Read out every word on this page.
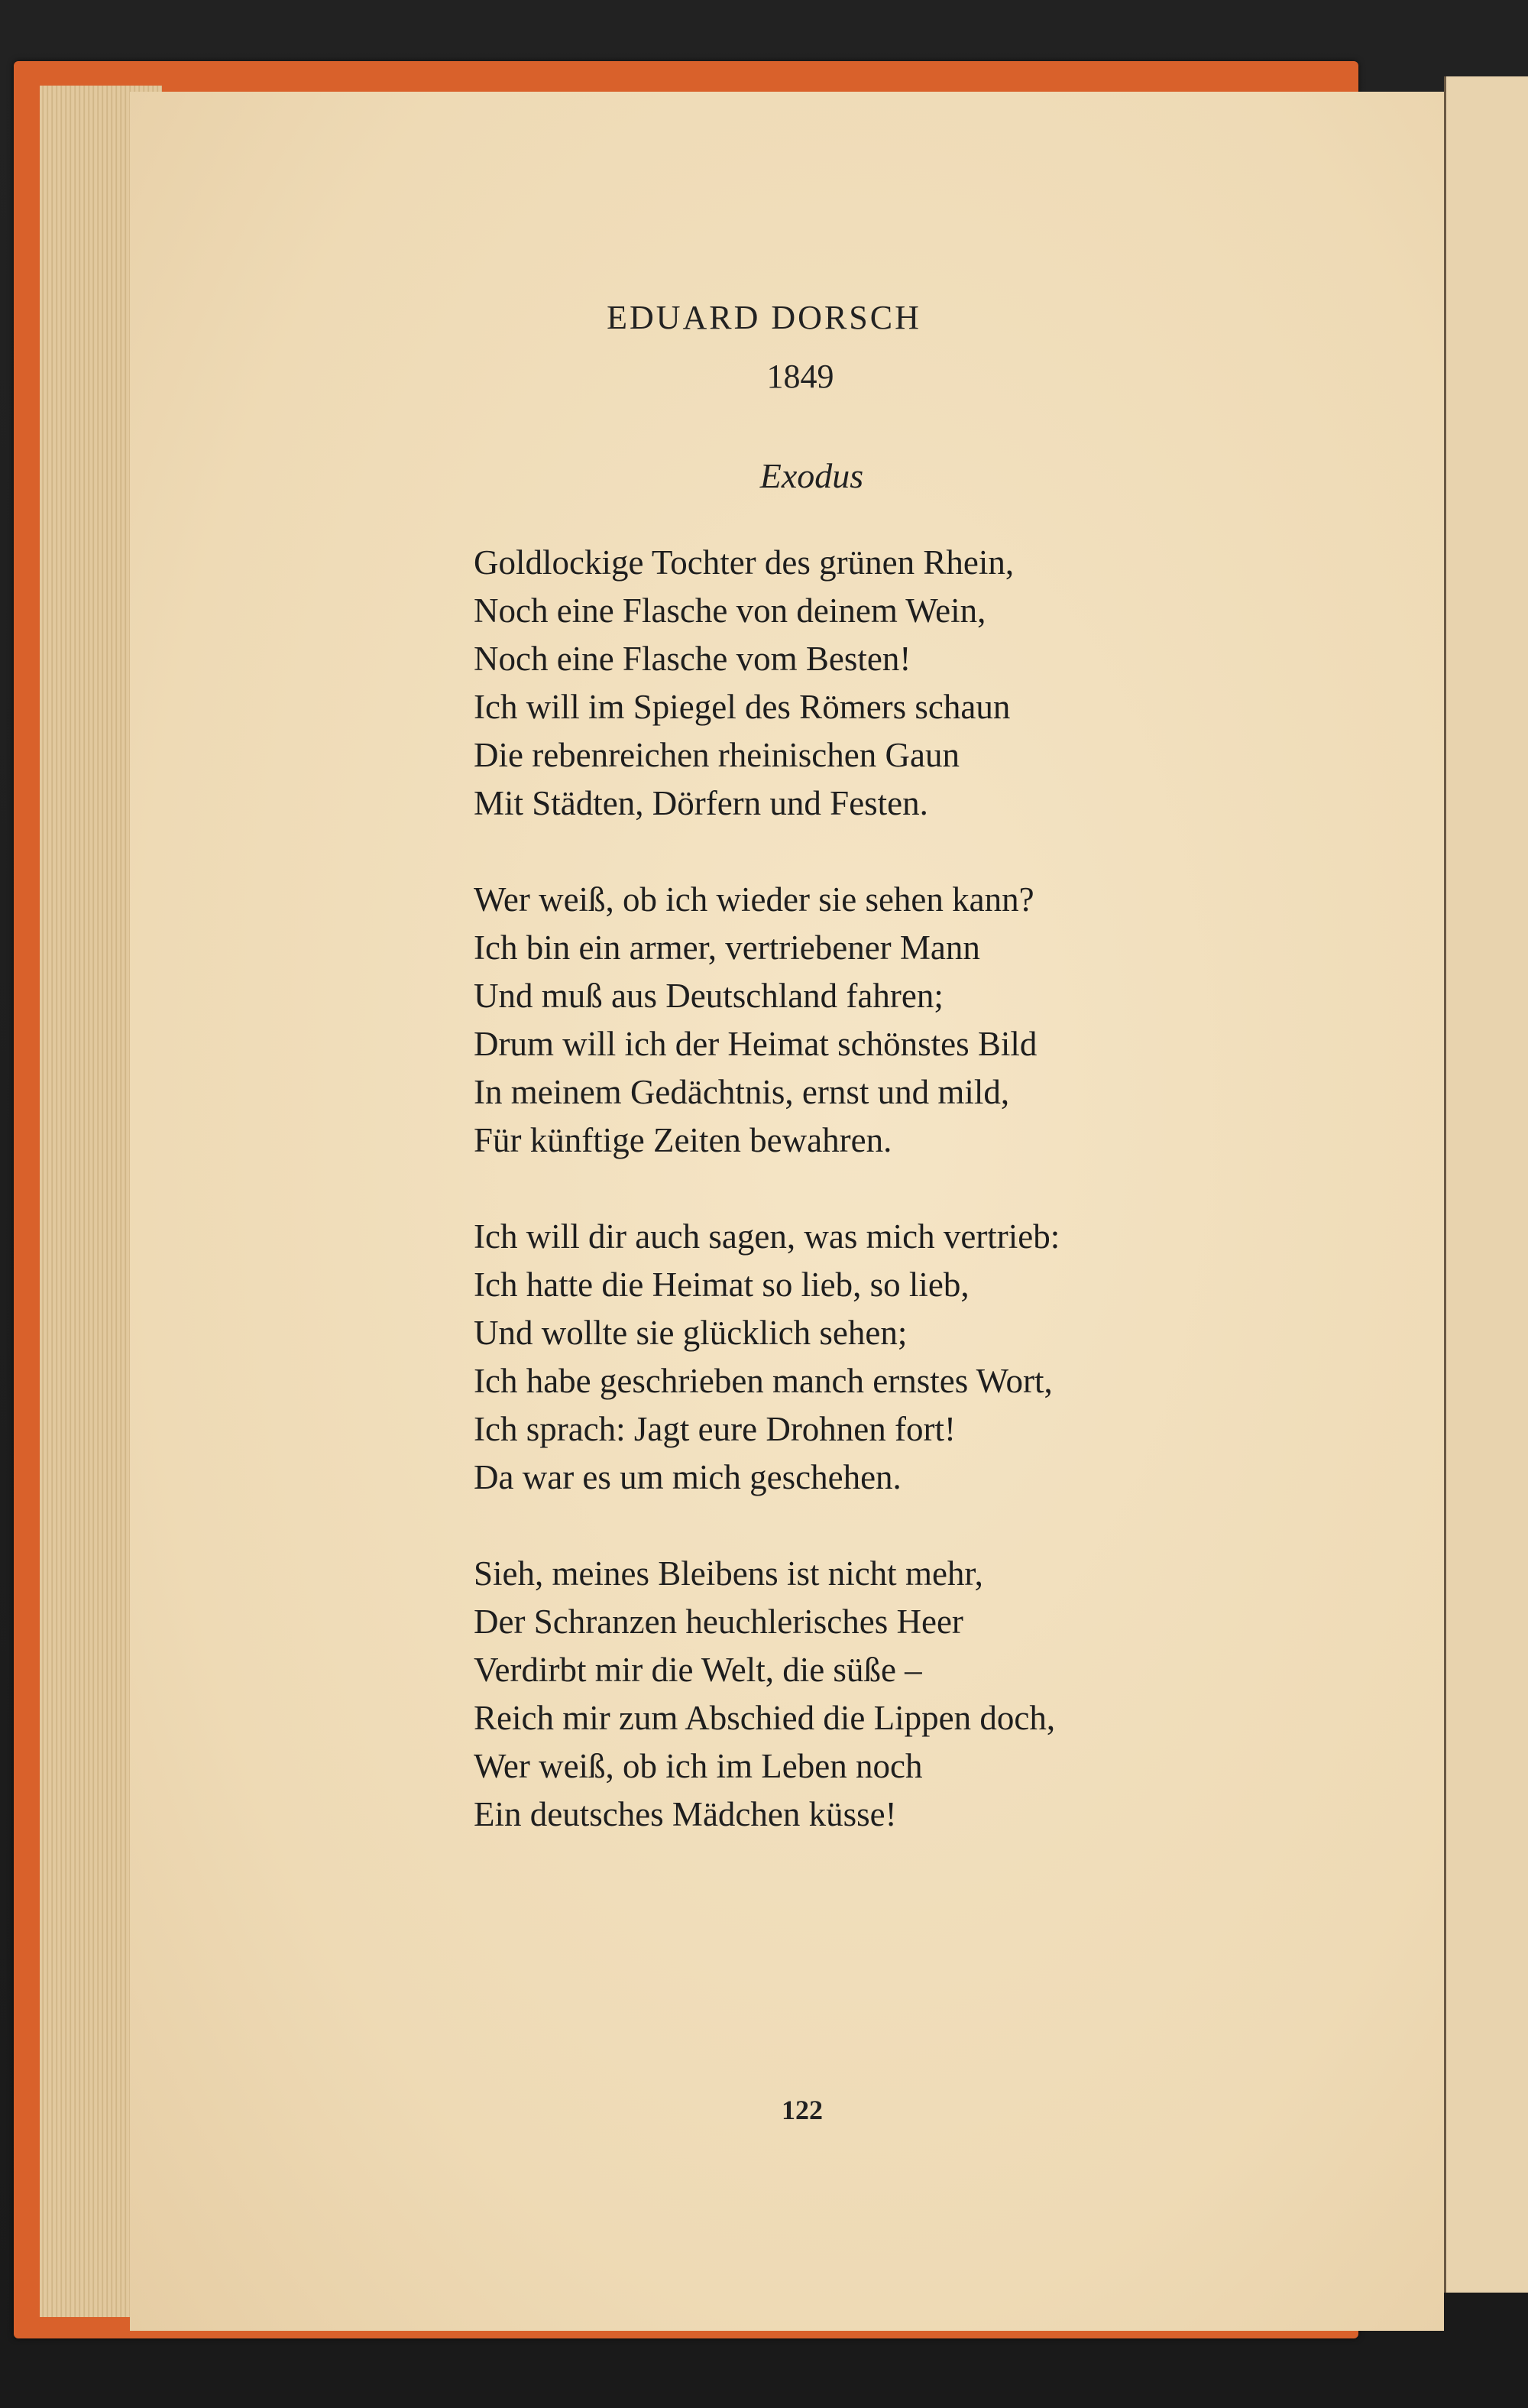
EDUARD DORSCH
1849
Exodus
Goldlockige Tochter des grünen Rhein,
Noch eine Flasche von deinem Wein,
Noch eine Flasche vom Besten!
Ich will im Spiegel des Römers schaun
Die rebenreichen rheinischen Gaun
Mit Städten, Dörfern und Festen.
Wer weiß, ob ich wieder sie sehen kann?
Ich bin ein armer, vertriebener Mann
Und muß aus Deutschland fahren;
Drum will ich der Heimat schönstes Bild
In meinem Gedächtnis, ernst und mild,
Für künftige Zeiten bewahren.
Ich will dir auch sagen, was mich vertrieb:
Ich hatte die Heimat so lieb, so lieb,
Und wollte sie glücklich sehen;
Ich habe geschrieben manch ernstes Wort,
Ich sprach: Jagt eure Drohnen fort!
Da war es um mich geschehen.
Sieh, meines Bleibens ist nicht mehr,
Der Schranzen heuchlerisches Heer
Verdirbt mir die Welt, die süße –
Reich mir zum Abschied die Lippen doch,
Wer weiß, ob ich im Leben noch
Ein deutsches Mädchen küsse!
122
